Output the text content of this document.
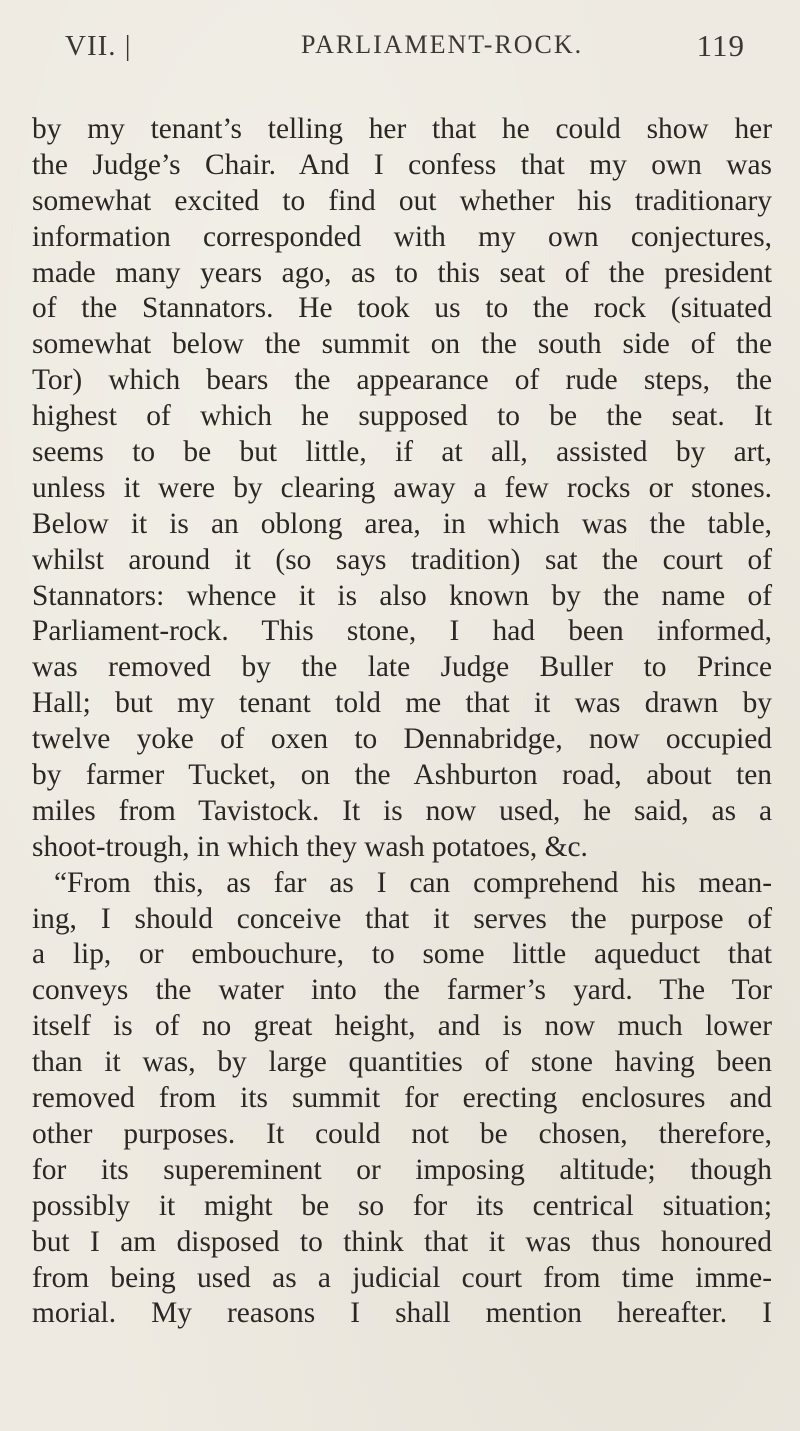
VII. |	PARLIAMENT-ROCK.	119
by my tenant’s telling her that he could show her
the Judge’s Chair. And I confess that my own was
somewhat excited to find out whether his traditionary
information corresponded with my own conjectures,
made many years ago, as to this seat of the president
of the Stannators. He took us to the rock (situated
somewhat below the summit on the south side of the
Tor) which bears the appearance of rude steps, the
highest of which he supposed to be the seat. It
seems to be but little, if at all, assisted by art,
unless it were by clearing away a few rocks or stones.
Below it is an oblong area, in which was the table,
whilst around it (so says tradition) sat the court of
Stannators: whence it is also known by the name of
Parliament-rock. This stone, I had been informed,
was removed by the late Judge Buller to Prince
Hall; but my tenant told me that it was drawn by
twelve yoke of oxen to Dennabridge, now occupied
by farmer Tucket, on the Ashburton road, about ten
miles from Tavistock. It is now used, he said, as a
shoot-trough, in which they wash potatoes, &c.
“From this, as far as I can comprehend his mean-
ing, I should conceive that it serves the purpose of
a lip, or embouchure, to some little aqueduct that
conveys the water into the farmer’s yard. The Tor
itself is of no great height, and is now much lower
than it was, by large quantities of stone having been
removed from its summit for erecting enclosures and
other purposes. It could not be chosen, therefore,
for its supereminent or imposing altitude; though
possibly it might be so for its centrical situation;
but I am disposed to think that it was thus honoured
from being used as a judicial court from time imme-
morial. My reasons I shall mention hereafter. I
